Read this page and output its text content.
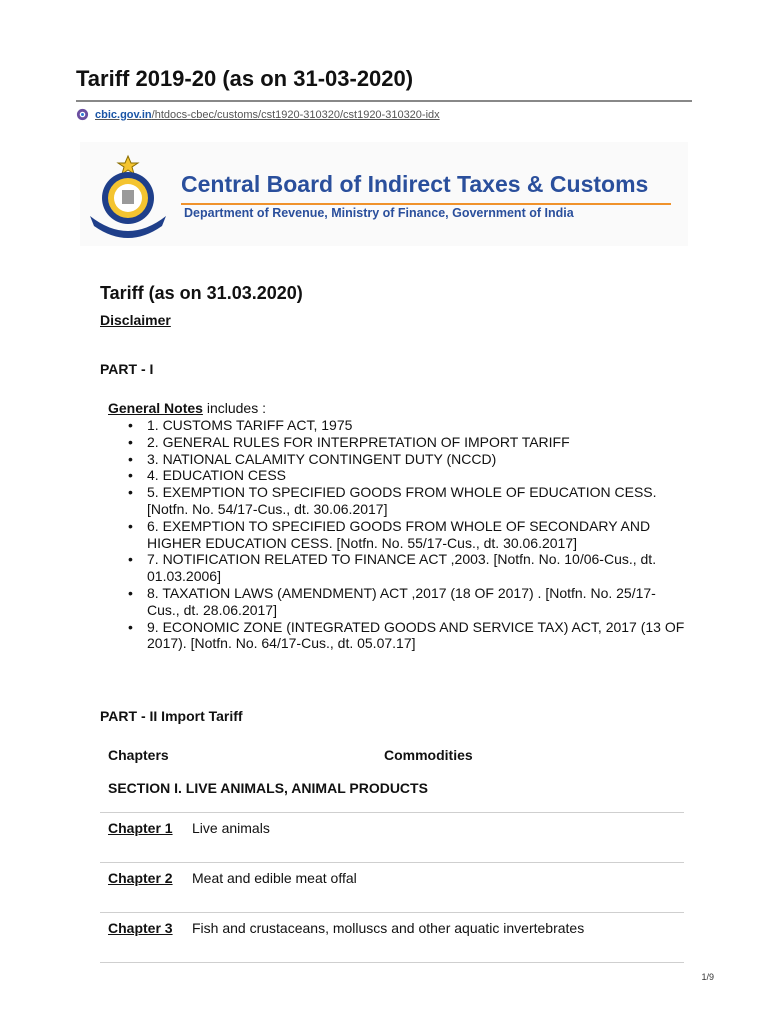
Tariff 2019-20 (as on 31-03-2020)
cbic.gov.in/htdocs-cbec/customs/cst1920-310320/cst1920-310320-idx
Central Board of Indirect Taxes & Customs
Department of Revenue, Ministry of Finance, Government of India
Tariff (as on 31.03.2020)
Disclaimer
PART - I
General Notes includes :
• 1. CUSTOMS TARIFF ACT, 1975
• 2. GENERAL RULES FOR INTERPRETATION OF IMPORT TARIFF
• 3. NATIONAL CALAMITY CONTINGENT DUTY (NCCD)
• 4. EDUCATION CESS
• 5. EXEMPTION TO SPECIFIED GOODS FROM WHOLE OF EDUCATION CESS. [Notfn. No. 54/17-Cus., dt. 30.06.2017]
• 6. EXEMPTION TO SPECIFIED GOODS FROM WHOLE OF SECONDARY AND HIGHER EDUCATION CESS. [Notfn. No. 55/17-Cus., dt. 30.06.2017]
• 7. NOTIFICATION RELATED TO FINANCE ACT ,2003. [Notfn. No. 10/06-Cus., dt. 01.03.2006]
• 8. TAXATION LAWS (AMENDMENT) ACT ,2017 (18 OF 2017) . [Notfn. No. 25/17-Cus., dt. 28.06.2017]
• 9. ECONOMIC ZONE (INTEGRATED GOODS AND SERVICE TAX) ACT, 2017 (13 OF 2017). [Notfn. No. 64/17-Cus., dt. 05.07.17]
PART - II Import Tariff
Chapters	Commodities
SECTION I. LIVE ANIMALS, ANIMAL PRODUCTS
Chapter 1	Live animals
Chapter 2	Meat and edible meat offal
Chapter 3	Fish and crustaceans, molluscs and other aquatic invertebrates
1/9
